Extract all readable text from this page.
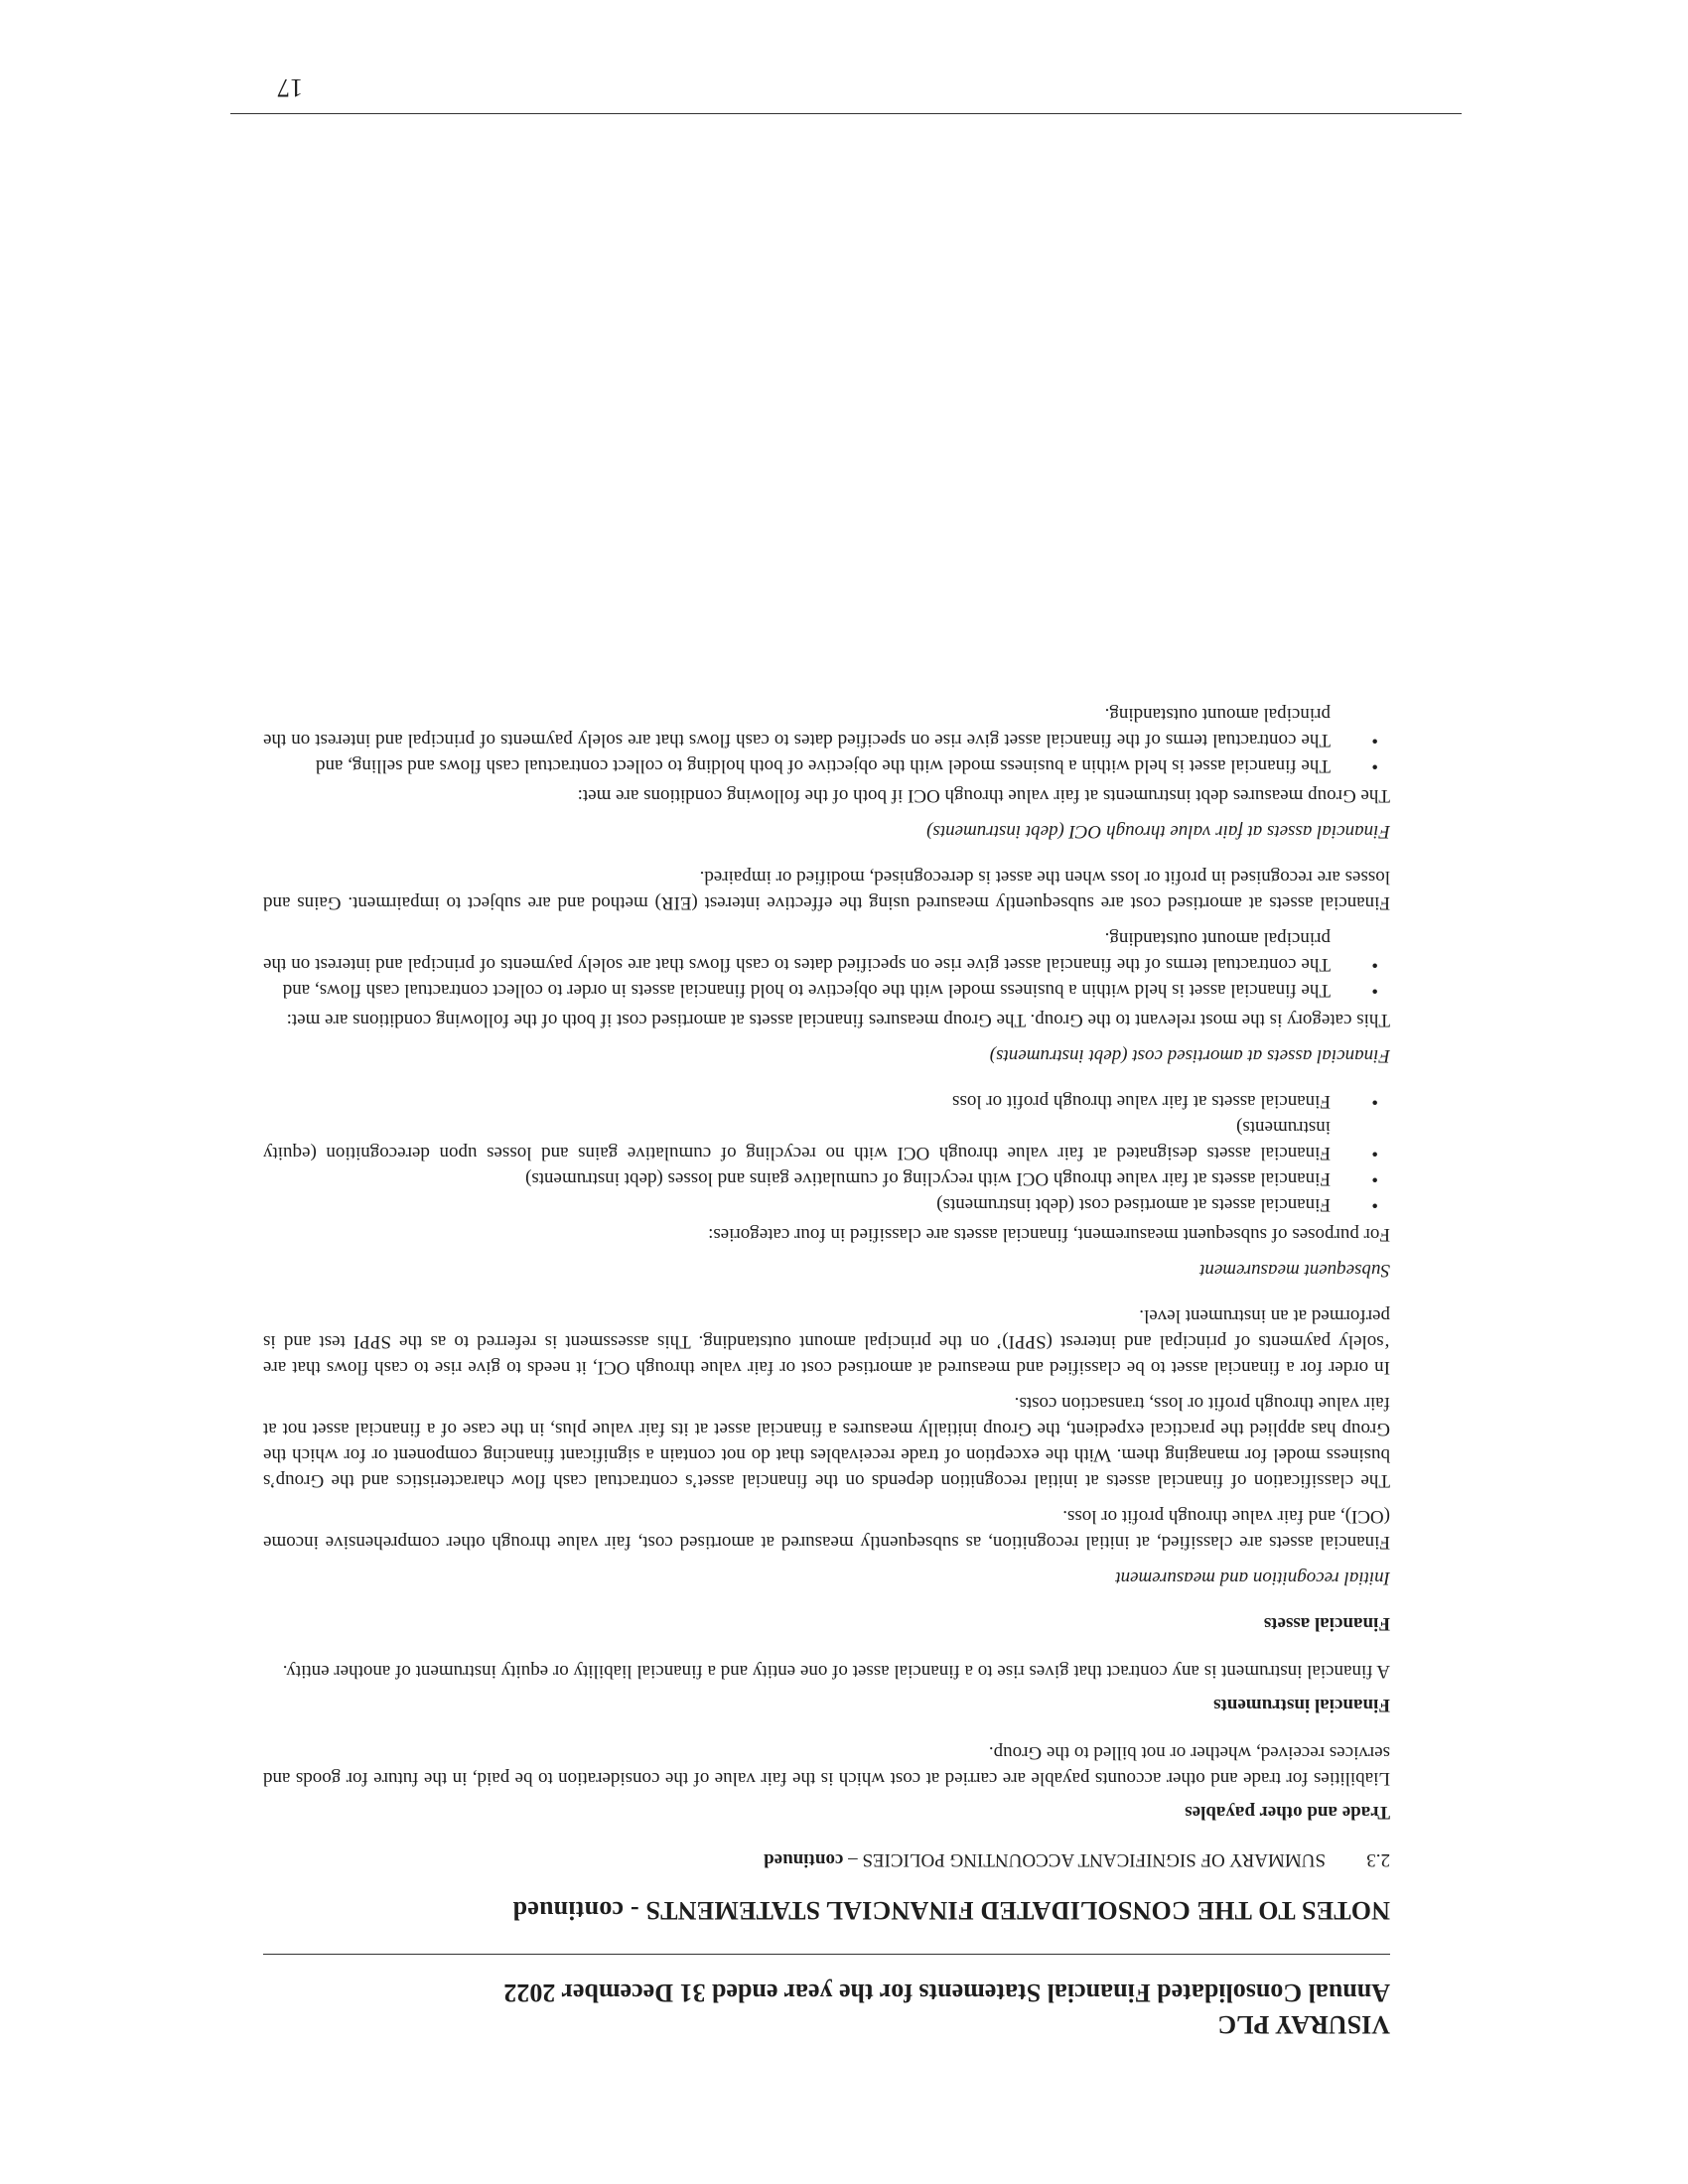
VISURAY PLC

Annual Consolidated Financial Statements for the year ended 31 December 2022

NOTES TO THE CONSOLIDATED FINANCIAL STATEMENTS - continued

2.3
SUMMARY OF SIGNIFICANT ACCOUNTING POLICIES – continued

Trade and other payables

Liabilities for trade and other accounts payable are carried at cost which is the fair value of the consideration to be paid, in the future for goods and services received, whether or not billed to the Group.

Financial instruments

A financial instrument is any contract that gives rise to a financial asset of one entity and a financial liability or equity instrument of another entity.

Financial assets

Initial recognition and measurement

Financial assets are classified, at initial recognition, as subsequently measured at amortised cost, fair value through other comprehensive income (OCI), and fair value through profit or loss.

The classification of financial assets at initial recognition depends on the financial asset’s contractual cash flow characteristics and the Group’s business model for managing them. With the exception of trade receivables that do not contain a significant financing component or for which the Group has applied the practical expedient, the Group initially measures a financial asset at its fair value plus, in the case of a financial asset not at fair value through profit or loss, transaction costs.

In order for a financial asset to be classified and measured at amortised cost or fair value through OCI, it needs to give rise to cash flows that are ‘solely payments of principal and interest (SPPI)’ on the principal amount outstanding. This assessment is referred to as the SPPI test and is performed at an instrument level.

Subsequent measurement

For purposes of subsequent measurement, financial assets are classified in four categories:

•
Financial assets at amortised cost (debt instruments)
•
Financial assets at fair value through OCI with recycling of cumulative gains and losses (debt instruments)
•
Financial assets designated at fair value through OCI with no recycling of cumulative gains and losses upon derecognition (equity instruments)
•
Financial assets at fair value through profit or loss

Financial assets at amortised cost (debt instruments)

This category is the most relevant to the Group. The Group measures financial assets at amortised cost if both of the following conditions are met:

•
The financial asset is held within a business model with the objective to hold financial assets in order to collect contractual cash flows, and
•
The contractual terms of the financial asset give rise on specified dates to cash flows that are solely payments of principal and interest on the principal amount outstanding.

Financial assets at amortised cost are subsequently measured using the effective interest (EIR) method and are subject to impairment. Gains and losses are recognised in profit or loss when the asset is derecognised, modified or impaired.

Financial assets at fair value through OCI (debt instruments)

The Group measures debt instruments at fair value through OCI if both of the following conditions are met:

•
The financial asset is held within a business model with the objective of both holding to collect contractual cash flows and selling, and
•
The contractual terms of the financial asset give rise on specified dates to cash flows that are solely payments of principal and interest on the principal amount outstanding.
17
